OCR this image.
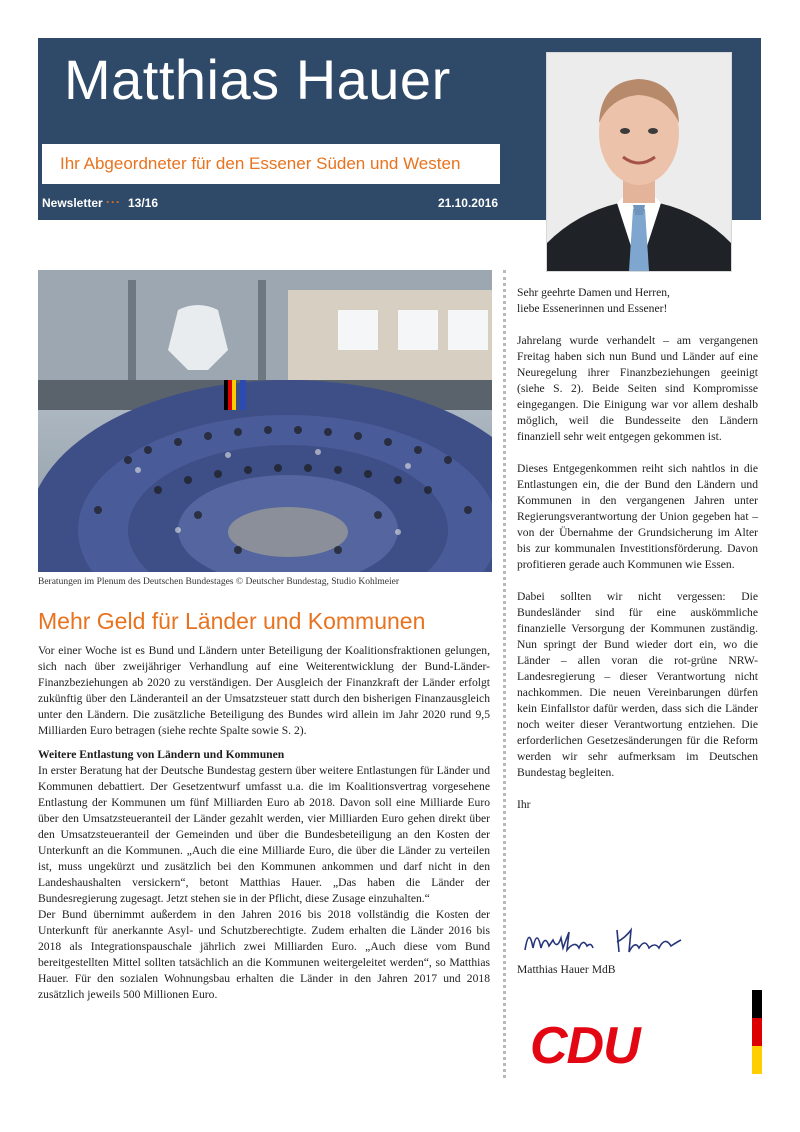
Matthias Hauer
Ihr Abgeordneter für den Essener Süden und Westen
Newsletter ··· 13/16	21.10.2016
Beratungen im Plenum des Deutschen Bundestages © Deutscher Bundestag, Studio Kohlmeier
Mehr Geld für Länder und Kommunen

Vor einer Woche ist es Bund und Ländern unter Beteiligung der Koalitionsfraktionen gelungen, sich nach über zweijähriger Verhandlung auf eine Weiterentwicklung der Bund-Länder-Finanzbeziehungen ab 2020 zu verständigen. Der Ausgleich der Finanzkraft der Länder erfolgt zukünftig über den Länderanteil an der Umsatzsteuer statt durch den bisherigen Finanzausgleich unter den Ländern. Die zusätzliche Beteiligung des Bundes wird allein im Jahr 2020 rund 9,5 Milliarden Euro betragen (siehe rechte Spalte sowie S. 2).

Weitere Entlastung von Ländern und Kommunen

In erster Beratung hat der Deutsche Bundestag gestern über weitere Entlastungen für Länder und Kommunen debattiert. Der Gesetzentwurf umfasst u.a. die im Koalitionsvertrag vorgesehene Entlastung der Kommunen um fünf Milliarden Euro ab 2018. Davon soll eine Milliarde Euro über den Umsatzsteueranteil der Länder gezahlt werden, vier Milliarden Euro gehen direkt über den Umsatzsteueranteil der Gemeinden und über die Bundesbeteiligung an den Kosten der Unterkunft an die Kommunen. „Auch die eine Milliarde Euro, die über die Länder zu verteilen ist, muss ungekürzt und zusätzlich bei den Kommunen ankommen und darf nicht in den Landeshaushalten versickern“, betont Matthias Hauer. „Das haben die Länder der Bundesregierung zugesagt. Jetzt stehen sie in der Pflicht, diese Zusage einzuhalten.“

Der Bund übernimmt außerdem in den Jahren 2016 bis 2018 vollständig die Kosten der Unterkunft für anerkannte Asyl- und Schutzberechtigte. Zudem erhalten die Länder 2016 bis 2018 als Integrationspauschale jährlich zwei Milliarden Euro. „Auch diese vom Bund bereitgestellten Mittel sollten tatsächlich an die Kommunen weitergeleitet werden“, so Matthias Hauer. Für den sozialen Wohnungsbau erhalten die Länder in den Jahren 2017 und 2018 zusätzlich jeweils 500 Millionen Euro.

Sehr geehrte Damen und Herren,
liebe Essenerinnen und Essener!

Jahrelang wurde verhandelt – am vergangenen Freitag haben sich nun Bund und Länder auf eine Neuregelung ihrer Finanzbeziehungen geeinigt (siehe S. 2). Beide Seiten sind Kompromisse eingegangen. Die Einigung war vor allem deshalb möglich, weil die Bundesseite den Ländern finanziell sehr weit entgegen gekommen ist.

Dieses Entgegenkommen reiht sich nahtlos in die Entlastungen ein, die der Bund den Ländern und Kommunen in den vergangenen Jahren unter Regierungsverantwortung der Union gegeben hat – von der Übernahme der Grundsicherung im Alter bis zur kommunalen Investitionsförderung. Davon profitieren gerade auch Kommunen wie Essen.

Dabei sollten wir nicht vergessen: Die Bundesländer sind für eine auskömmliche finanzielle Versorgung der Kommunen zuständig. Nun springt der Bund wieder dort ein, wo die Länder – allen voran die rot-grüne NRW-Landesregierung – dieser Verantwortung nicht nachkommen. Die neuen Vereinbarungen dürfen kein Einfallstor dafür werden, dass sich die Länder noch weiter dieser Verantwortung entziehen. Die erforderlichen Gesetzesänderungen für die Reform werden wir sehr aufmerksam im Deutschen Bundestag begleiten.

Ihr

Matthias Hauer MdB
CDU
